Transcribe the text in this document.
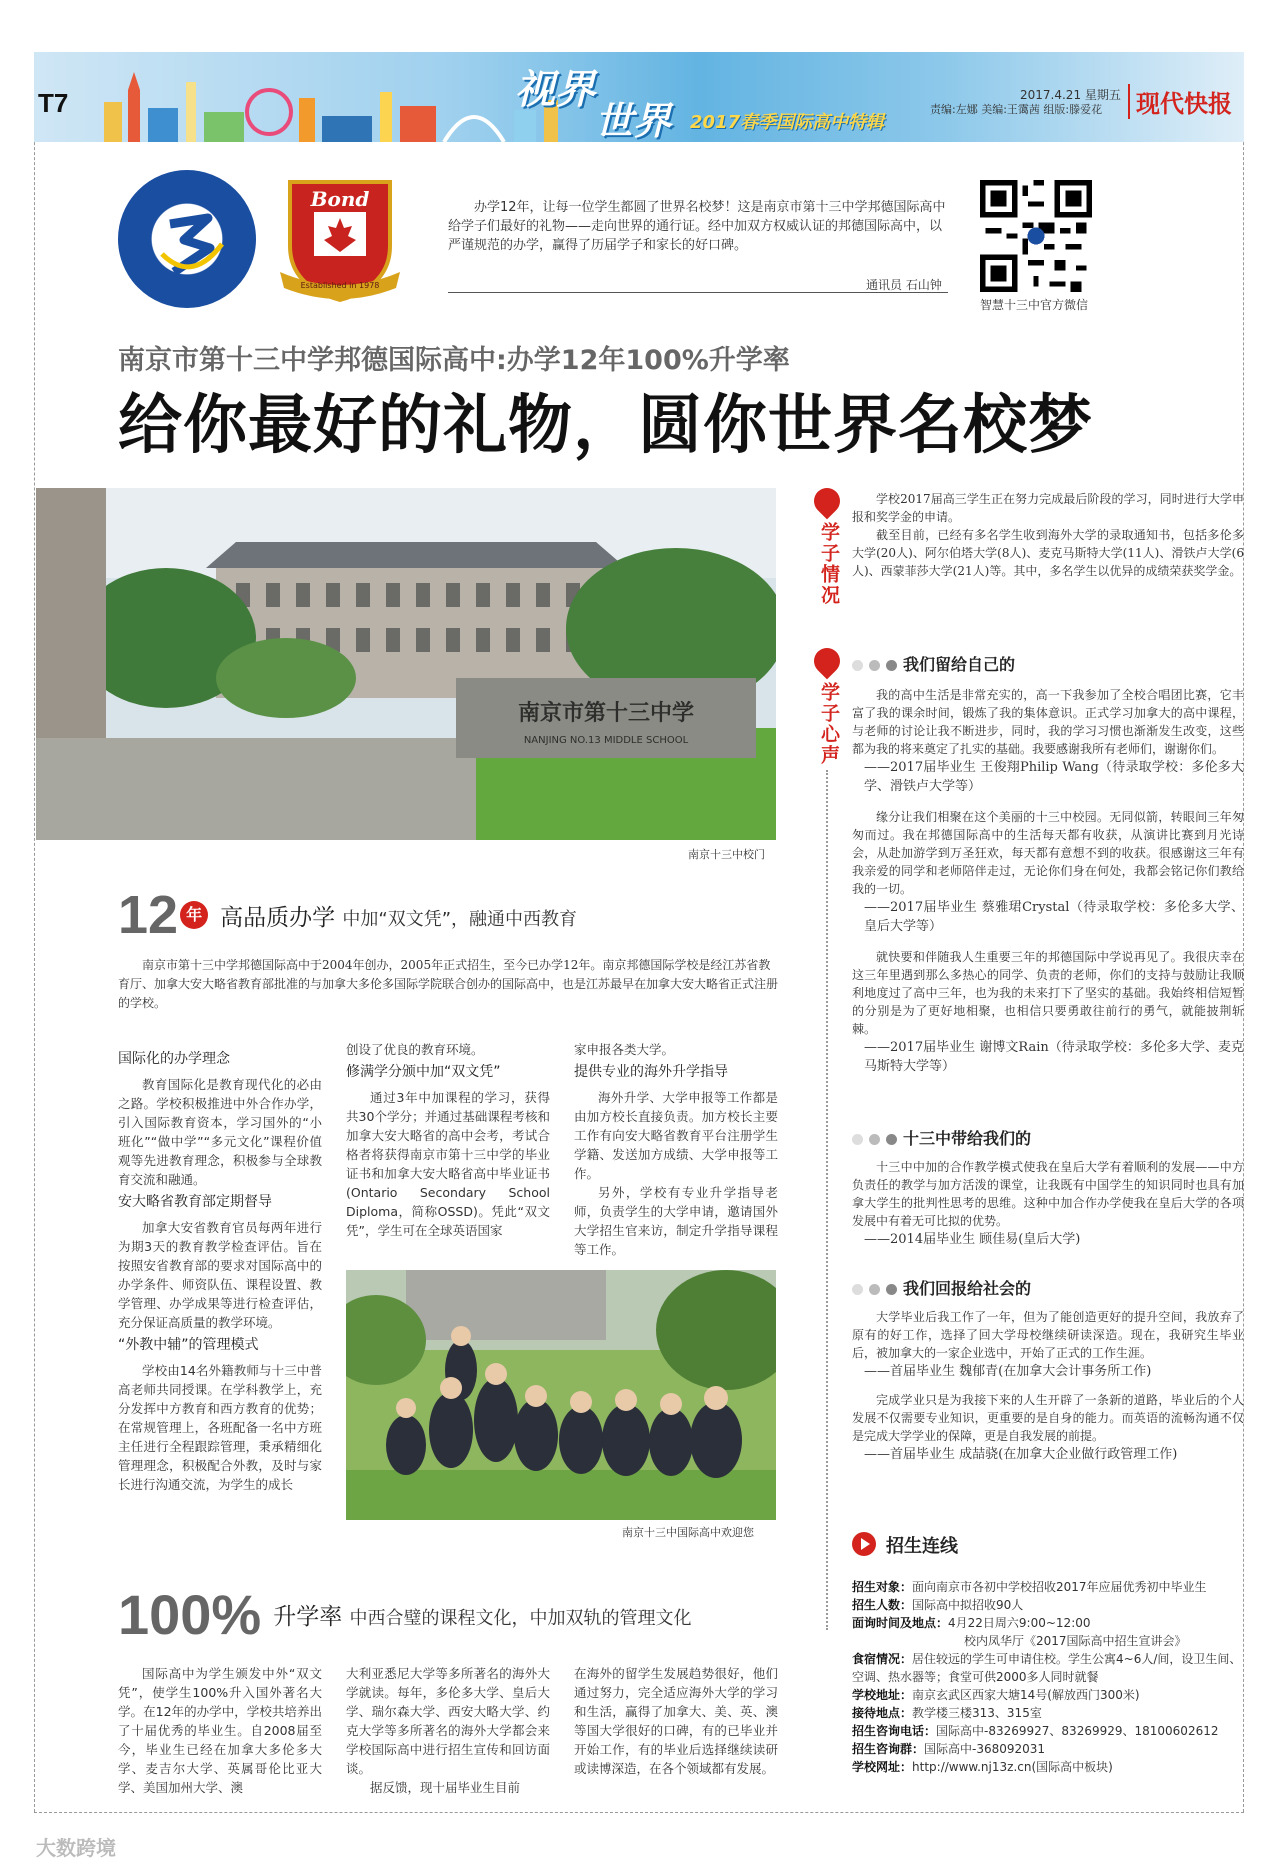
T7	视界
世界 2017春季国际高中特辑
2017.4.21 星期五
责编:左娜 美编:王霭茜 组版:滕爱花	现代快报
Bond
Established in 1978
办学12年，让每一位学生都圆了世界名校梦！这是南京市第十三中学邦德国际高中给学子们最好的礼物——走向世界的通行证。经中加双方权威认证的邦德国际高中，以严谨规范的办学，赢得了历届学子和家长的好口碑。
通讯员 石山钟
智慧十三中官方微信
南京市第十三中学邦德国际高中:办学12年100%升学率
给你最好的礼物，圆你世界名校梦
南京市第十三中学
NANJING NO.13 MIDDLE SCHOOL
南京十三中校门
12 年 高品质办学 中加“双文凭”，融通中西教育
南京市第十三中学邦德国际高中于2004年创办，2005年正式招生，至今已办学12年。南京邦德国际学校是经江苏省教育厅、加拿大安大略省教育部批准的与加拿大多伦多国际学院联合创办的国际高中，也是江苏最早在加拿大安大略省正式注册的学校。
国际化的办学理念

教育国际化是教育现代化的必由之路。学校积极推进中外合作办学，引入国际教育资本，学习国外的“小班化”“做中学”“多元文化”课程价值观等先进教育理念，积极参与全球教育交流和融通。

安大略省教育部定期督导

加拿大安省教育官员每两年进行为期3天的教育教学检查评估。旨在按照安省教育部的要求对国际高中的办学条件、师资队伍、课程设置、教学管理、办学成果等进行检查评估，充分保证高质量的教学环境。

“外教中辅”的管理模式

学校由14名外籍教师与十三中普高老师共同授课。在学科教学上，充分发挥中方教育和西方教育的优势；在常规管理上，各班配备一名中方班主任进行全程跟踪管理，秉承精细化管理理念，积极配合外教，及时与家长进行沟通交流，为学生的成长

创设了优良的教育环境。

修满学分颁中加“双文凭”

通过3年中加课程的学习，获得共30个学分；并通过基础课程考核和加拿大安大略省的高中会考，考试合格者将获得南京市第十三中学的毕业证书和加拿大安大略省高中毕业证书(Ontario Secondary School Diploma，简称OSSD)。凭此“双文凭”，学生可在全球英语国家

家申报各类大学。

提供专业的海外升学指导

海外升学、大学申报等工作都是由加方校长直接负责。加方校长主要工作有向安大略省教育平台注册学生学籍、发送加方成绩、大学申报等工作。

另外，学校有专业升学指导老师，负责学生的大学申请，邀请国外大学招生官来访，制定升学指导课程等工作。

南京十三中国际高中欢迎您
100% 升学率 中西合璧的课程文化，中加双轨的管理文化

国际高中为学生颁发中外“双文凭”，使学生100%升入国外著名大学。在12年的办学中，学校共培养出了十届优秀的毕业生。自2008届至今，毕业生已经在加拿大多伦多大学、麦吉尔大学、英属哥伦比亚大学、美国加州大学、澳

大利亚悉尼大学等多所著名的海外大学就读。每年，多伦多大学、皇后大学、瑞尔森大学、西安大略大学、约克大学等多所著名的海外大学都会来学校国际高中进行招生宣传和回访面谈。

据反馈，现十届毕业生目前

在海外的留学生发展趋势很好，他们通过努力，完全适应海外大学的学习和生活，赢得了加拿大、美、英、澳等国大学很好的口碑，有的已毕业并开始工作，有的毕业后选择继续读研或读博深造，在各个领域都有发展。

学子情况
学子心声

学校2017届高三学生正在努力完成最后阶段的学习，同时进行大学申报和奖学金的申请。

截至目前，已经有多名学生收到海外大学的录取通知书，包括多伦多大学(20人)、阿尔伯塔大学(8人)、麦克马斯特大学(11人)、滑铁卢大学(6人)、西蒙菲莎大学(21人)等。其中，多名学生以优异的成绩荣获奖学金。

我们留给自己的

我的高中生活是非常充实的，高一下我参加了全校合唱团比赛，它丰富了我的课余时间，锻炼了我的集体意识。正式学习加拿大的高中课程，与老师的讨论让我不断进步，同时，我的学习习惯也渐渐发生改变，这些都为我的将来奠定了扎实的基础。我要感谢我所有老师们，谢谢你们。

——2017届毕业生 王俊翔Philip Wang（待录取学校：多伦多大学、滑铁卢大学等）

缘分让我们相聚在这个美丽的十三中校园。无同似箭，转眼间三年匆匆而过。我在邦德国际高中的生活每天都有收获，从演讲比赛到月光诗会，从赴加游学到万圣狂欢，每天都有意想不到的收获。很感谢这三年有我亲爱的同学和老师陪伴走过，无论你们身在何处，我都会铭记你们教给我的一切。

——2017届毕业生 蔡雅珺Crystal（待录取学校：多伦多大学、皇后大学等）

就快要和伴随我人生重要三年的邦德国际中学说再见了。我很庆幸在这三年里遇到那么多热心的同学、负责的老师，你们的支持与鼓励让我顺利地度过了高中三年，也为我的未来打下了坚实的基础。我始终相信短暂的分别是为了更好地相聚，也相信只要勇敢往前行的勇气，就能披荆斩棘。

——2017届毕业生 谢博文Rain（待录取学校：多伦多大学、麦克马斯特大学等）
十三中带给我们的

十三中中加的合作教学模式使我在皇后大学有着顺利的发展——中方负责任的教学与加方活泼的课堂，让我既有中国学生的知识同时也具有加拿大学生的批判性思考的思维。这种中加合作办学使我在皇后大学的各项发展中有着无可比拟的优势。

——2014届毕业生 顾佳易(皇后大学)
我们回报给社会的

大学毕业后我工作了一年，但为了能创造更好的提升空间，我放弃了原有的好工作，选择了回大学母校继续研读深造。现在，我研究生毕业后，被加拿大的一家企业选中，开始了正式的工作生涯。

——首届毕业生 魏郁青(在加拿大会计事务所工作)

完成学业只是为我接下来的人生开辟了一条新的道路，毕业后的个人发展不仅需要专业知识，更重要的是自身的能力。而英语的流畅沟通不仅是完成大学学业的保障，更是自我发展的前提。

——首届毕业生 成喆骁(在加拿大企业做行政管理工作)
招生连线
招生对象：面向南京市各初中学校招收2017年应届优秀初中毕业生
招生人数：国际高中拟招收90人
面询时间及地点：4月22日周六9:00~12:00
校内凤华厅《2017国际高中招生宣讲会》
食宿情况：居住较远的学生可申请住校。学生公寓4~6人/间，设卫生间、空调、热水器等；食堂可供2000多人同时就餐
学校地址：南京玄武区西家大塘14号(解放西门300米)
接待地点：教学楼三楼313、315室
招生咨询电话：国际高中-83269927、83269929、18100602612
招生咨询群：国际高中-368092031
学校网址：http://www.nj13z.cn(国际高中板块)
大数跨境
